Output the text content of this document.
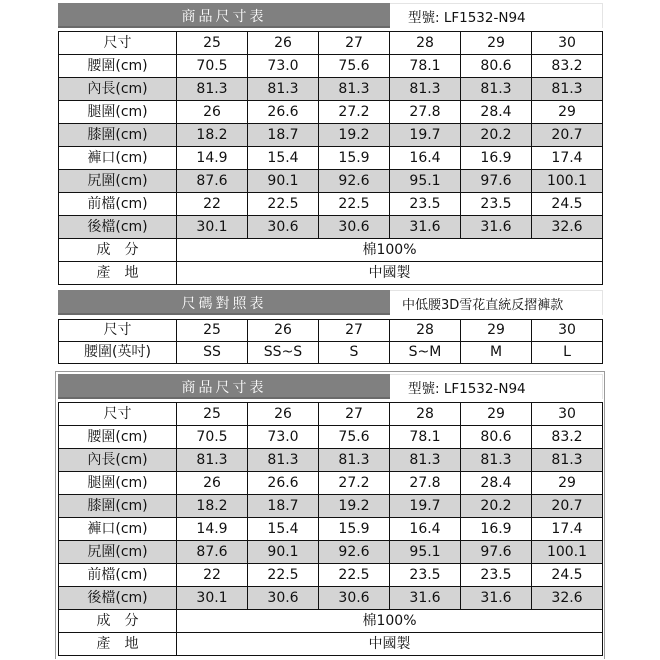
商品尺寸表	型號: LF1532-N94
尺寸	25	26	27	28	29	30
腰圍(cm)	70.5	73.0	75.6	78.1	80.6	83.2
內長(cm)	81.3	81.3	81.3	81.3	81.3	81.3
腿圍(cm)	26	26.6	27.2	27.8	28.4	29
膝圍(cm)	18.2	18.7	19.2	19.7	20.2	20.7
褲口(cm)	14.9	15.4	15.9	16.4	16.9	17.4
尻圍(cm)	87.6	90.1	92.6	95.1	97.6	100.1
前檔(cm)	22	22.5	22.5	23.5	23.5	24.5
後檔(cm)	30.1	30.6	30.6	31.6	31.6	32.6
成　分	棉100%					
產　地	中國製					
尺碼對照表	中低腰3D雪花直統反摺褲款
尺寸	25	26	27	28	29	30
腰圍(英吋)	SS	SS~S	S	S~M	M	L
商品尺寸表	型號: LF1532-N94
尺寸	25	26	27	28	29	30
腰圍(cm)	70.5	73.0	75.6	78.1	80.6	83.2
內長(cm)	81.3	81.3	81.3	81.3	81.3	81.3
腿圍(cm)	26	26.6	27.2	27.8	28.4	29
膝圍(cm)	18.2	18.7	19.2	19.7	20.2	20.7
褲口(cm)	14.9	15.4	15.9	16.4	16.9	17.4
尻圍(cm)	87.6	90.1	92.6	95.1	97.6	100.1
前檔(cm)	22	22.5	22.5	23.5	23.5	24.5
後檔(cm)	30.1	30.6	30.6	31.6	31.6	32.6
成　分	棉100%					
產　地	中國製					
